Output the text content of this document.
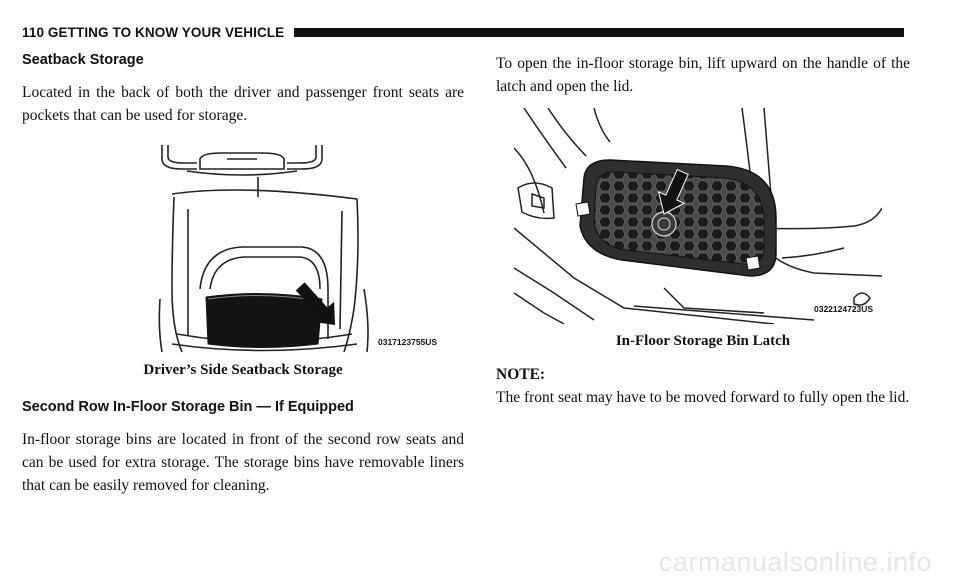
110 GETTING TO KNOW YOUR VEHICLE
Seatback Storage

Located in the back of both the driver and passenger front seats are pockets that can be used for storage.

0317123755US
Driver’s Side Seatback Storage
Second Row In-Floor Storage Bin — If Equipped

In-floor storage bins are located in front of the second row seats and can be used for extra storage. The storage bins have removable liners that can be easily removed for cleaning.

To open the in-floor storage bin, lift upward on the handle of the latch and open the lid.

0322124723US
In-Floor Storage Bin Latch
NOTE:

The front seat may have to be moved forward to fully open the lid.

carmanualsonline.info
